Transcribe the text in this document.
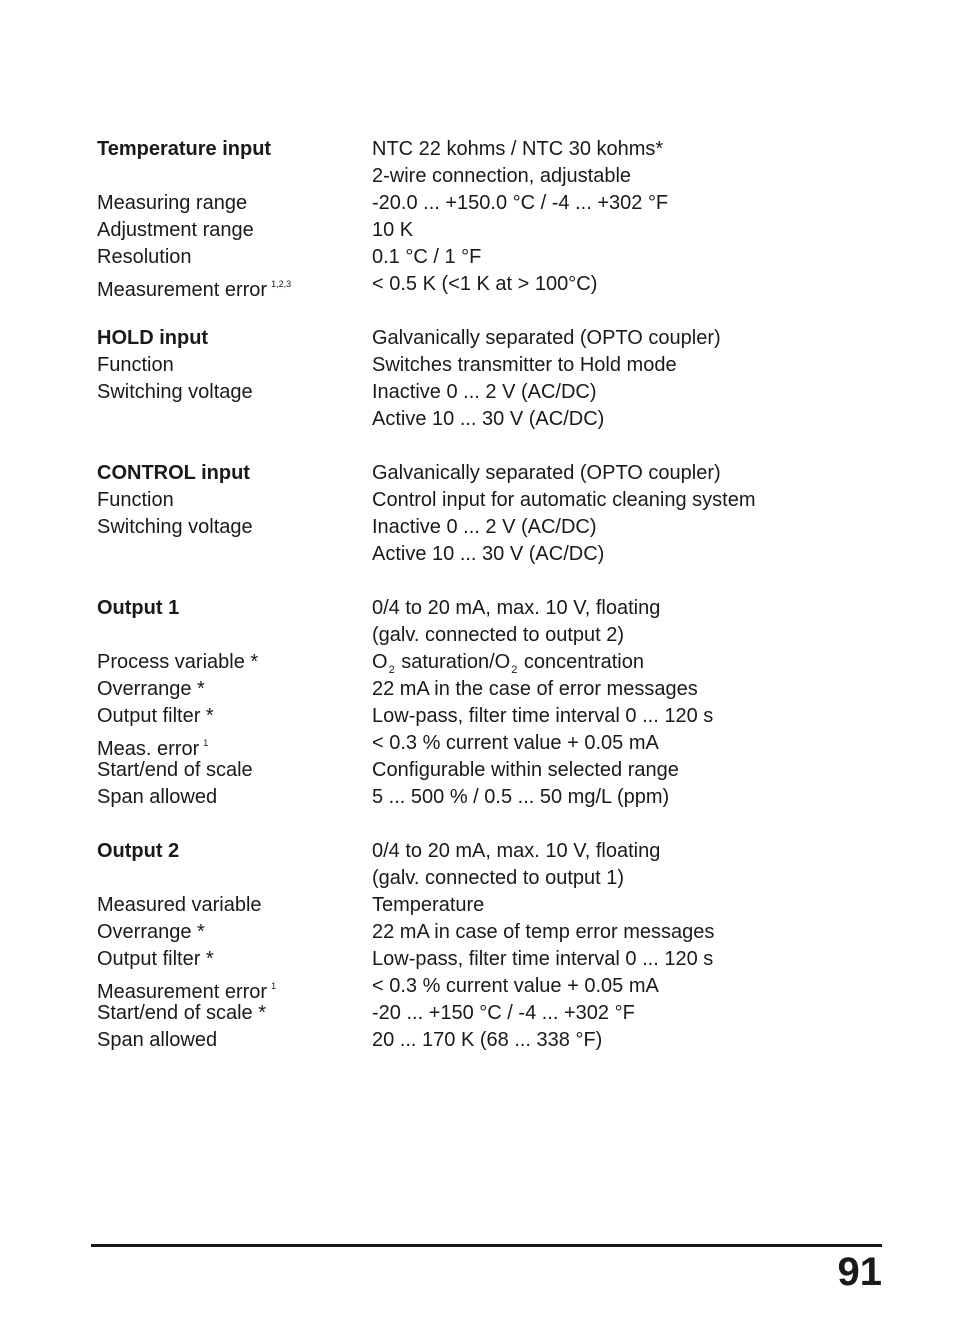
Temperature input	NTC 22 kohms / NTC 30 kohms*
2-wire connection, adjustable
Measuring range	-20.0 ... +150.0 °C / -4 ... +302 °F
Adjustment range	10 K
Resolution	0.1 °C / 1 °F
Measurement error $^{1,2,3}$	< 0.5 K (<1 K at > 100°C)
HOLD input	Galvanically separated (OPTO coupler)
Function	Switches transmitter to Hold mode
Switching voltage	Inactive 0 ... 2 V (AC/DC)
Active 10 ... 30 V (AC/DC)
CONTROL input	Galvanically separated (OPTO coupler)
Function	Control input for automatic cleaning system
Switching voltage	Inactive 0 ... 2 V (AC/DC)
Active 10 ... 30 V (AC/DC)
Output 1	0/4 to 20 mA, max. 10 V, floating
(galv. connected to output 2)
Process variable *	$O_2$ saturation/$O_2$ concentration
Overrange *	22 mA in the case of error messages
Output filter *	Low-pass, filter time interval 0 ... 120 s
Meas. error $^1$	< 0.3 % current value + 0.05 mA
Start/end of scale	Configurable within selected range
Span allowed	5 ... 500 % / 0.5 ... 50 mg/L (ppm)
Output 2	0/4 to 20 mA, max. 10 V, floating
(galv. connected to output 1)
Measured variable	Temperature
Overrange *	22 mA in case of temp error messages
Output filter *	Low-pass, filter time interval 0 ... 120 s
Measurement error $^1$	< 0.3 % current value + 0.05 mA
Start/end of scale *	-20 ... +150 °C / -4 ... +302 °F
Span allowed	20 ... 170 K (68 ... 338 °F)
91
